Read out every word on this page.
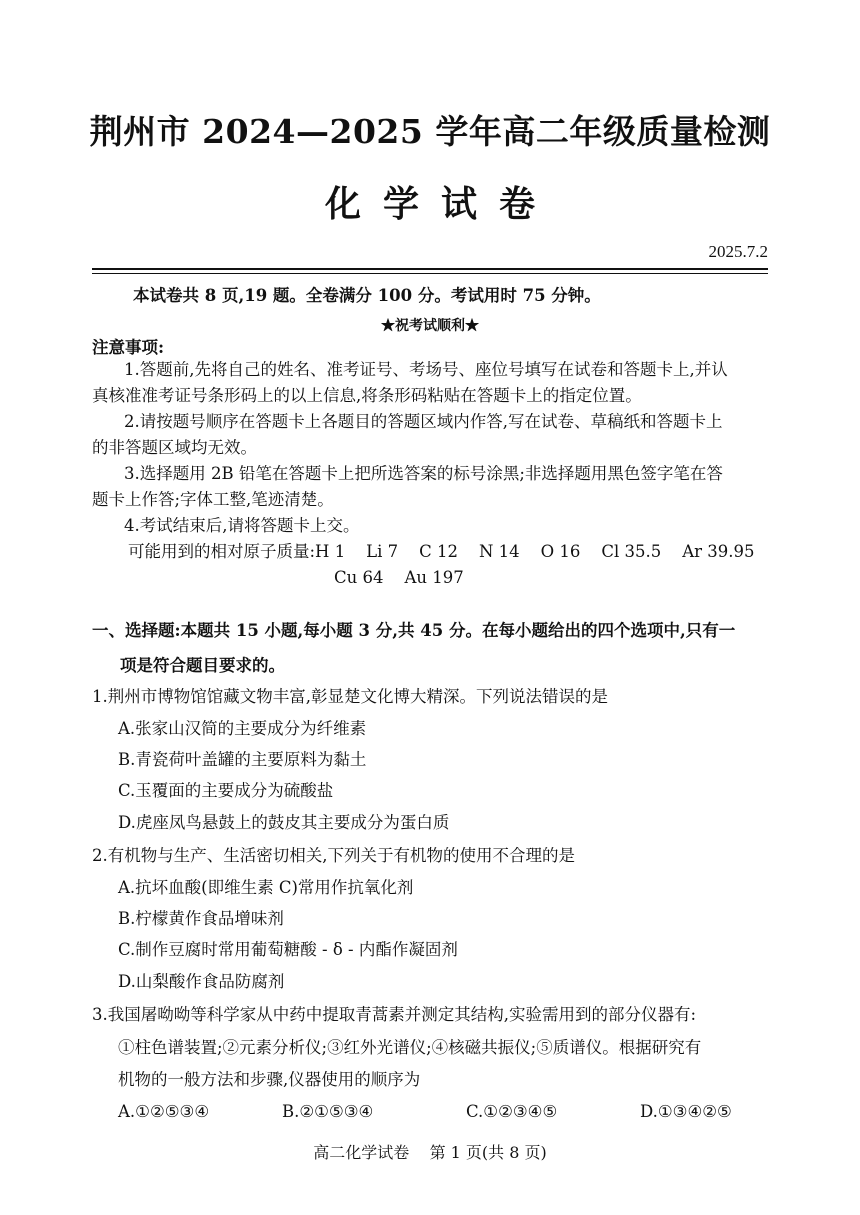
荆州市 2024—2025 学年高二年级质量检测
化学试卷
2025.7.2
本试卷共 8 页,19 题。全卷满分 100 分。考试用时 75 分钟。
★祝考试顺利★
注意事项:
1.答题前,先将自己的姓名、准考证号、考场号、座位号填写在试卷和答题卡上,并认
真核准准考证号条形码上的以上信息,将条形码粘贴在答题卡上的指定位置。
2.请按题号顺序在答题卡上各题目的答题区域内作答,写在试卷、草稿纸和答题卡上
的非答题区域均无效。
3.选择题用 2B 铅笔在答题卡上把所选答案的标号涂黑;非选择题用黑色签字笔在答
题卡上作答;字体工整,笔迹清楚。
4.考试结束后,请将答题卡上交。
可能用到的相对原子质量:H 1    Li 7    C 12    N 14    O 16    Cl 35.5    Ar 39.95
Cu 64    Au 197
一、选择题:本题共 15 小题,每小题 3 分,共 45 分。在每小题给出的四个选项中,只有一
项是符合题目要求的。
1.荆州市博物馆馆藏文物丰富,彰显楚文化博大精深。下列说法错误的是
A.张家山汉简的主要成分为纤维素
B.青瓷荷叶盖罐的主要原料为黏土
C.玉覆面的主要成分为硫酸盐
D.虎座凤鸟悬鼓上的鼓皮其主要成分为蛋白质
2.有机物与生产、生活密切相关,下列关于有机物的使用不合理的是
A.抗坏血酸(即维生素 C)常用作抗氧化剂
B.柠檬黄作食品增味剂
C.制作豆腐时常用葡萄糖酸 - δ - 内酯作凝固剂
D.山梨酸作食品防腐剂
3.我国屠呦呦等科学家从中药中提取青蒿素并测定其结构,实验需用到的部分仪器有:
①柱色谱装置;②元素分析仪;③红外光谱仪;④核磁共振仪;⑤质谱仪。根据研究有
机物的一般方法和步骤,仪器使用的顺序为
A.①②⑤③④	B.②①⑤③④	C.①②③④⑤	D.①③④②⑤
高二化学试卷    第 1 页(共 8 页)
